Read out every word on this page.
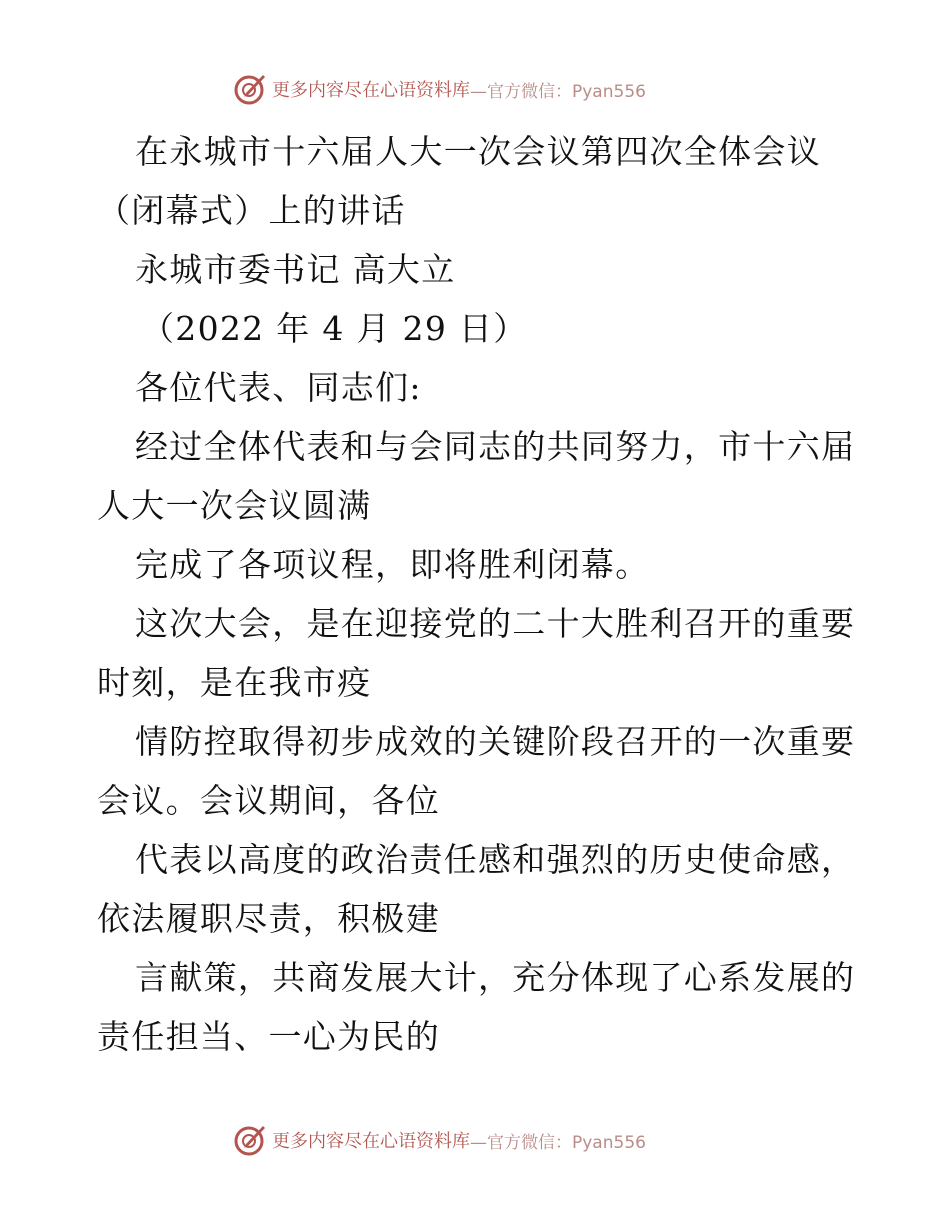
更多内容尽在心语资料库 —官方微信：Pyan556
在永城市十六届人大一次会议第四次全体会议
（闭幕式）上的讲话
永城市委书记 高大立
（2022 年 4 月 29 日）
各位代表、同志们:
经过全体代表和与会同志的共同努力，市十六届
人大一次会议圆满
完成了各项议程，即将胜利闭幕。
这次大会，是在迎接党的二十大胜利召开的重要
时刻，是在我市疫
情防控取得初步成效的关键阶段召开的一次重要
会议。会议期间，各位
代表以高度的政治责任感和强烈的历史使命感，
依法履职尽责，积极建
言献策，共商发展大计，充分体现了心系发展的
责任担当、一心为民的
更多内容尽在心语资料库 —官方微信：Pyan556
